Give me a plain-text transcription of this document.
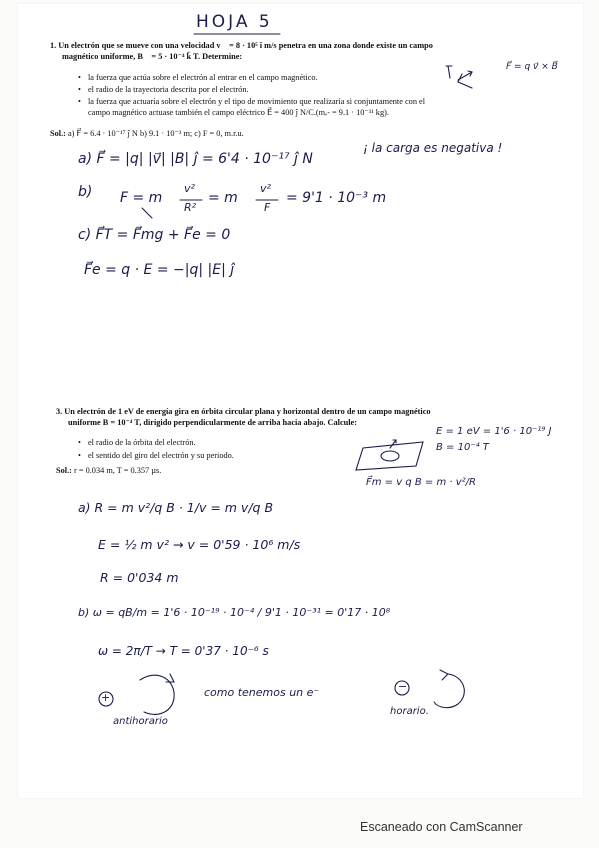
HOJA 5
1. Un electrón que se mueve con una velocidad v⃗ = 8 · 10⁵ î m/s penetra en una zona donde existe un campo
magnético uniforme, B⃗ = 5 · 10⁻⁴ k̂ T. Determine:
• la fuerza que actúa sobre el electrón al entrar en el campo magnético.
• el radio de la trayectoria descrita por el electrón.
• la fuerza que actuaría sobre el electrón y el tipo de movimiento que realizaría si conjuntamente con el
campo magnético actuase también el campo eléctrico E⃗ = 400 ĵ N/C.(mₑ- = 9.1 · 10⁻³¹ kg).
Sol.: a) F⃗ = 6.4 · 10⁻¹⁷ ĵ N b) 9.1 · 10⁻³ m; c) F = 0, m.r.u.
F⃗ = q v⃗ × B⃗
¡ la carga es negativa !
a) F⃗ = |q| |v⃗| |B| ĵ = 6'4 · 10⁻¹⁷ ĵ N
b) F = m
v²
R²
= m
v²
F
= 9'1 · 10⁻³ m
c) F⃗T = F⃗mg + F⃗e = 0
F⃗e = q · E = −|q| |E| ĵ
3. Un electrón de 1 eV de energía gira en órbita circular plana y horizontal dentro de un campo magnético
uniforme B = 10⁻⁴ T, dirigido perpendicularmente de arriba hacia abajo. Calcule:
• el radio de la órbita del electrón.
• el sentido del giro del electrón y su periodo.
Sol.: r = 0.034 m, T = 0.357 µs.
E = 1 eV = 1'6 · 10⁻¹⁹ J
B = 10⁻⁴ T
F⃗m = v q B = m · v²/R
a) R = m v²/q B · 1/v = m v/q B
E = ½ m v² → v = 0'59 · 10⁶ m/s
R = 0'034 m
b) ω = qB/m = 1'6 · 10⁻¹⁹ · 10⁻⁴ / 9'1 · 10⁻³¹ = 0'17 · 10⁸
ω = 2π/T → T = 0'37 · 10⁻⁶ s
+
−
como tenemos un e⁻
antihorario
horario.
Escaneado con CamScanner
